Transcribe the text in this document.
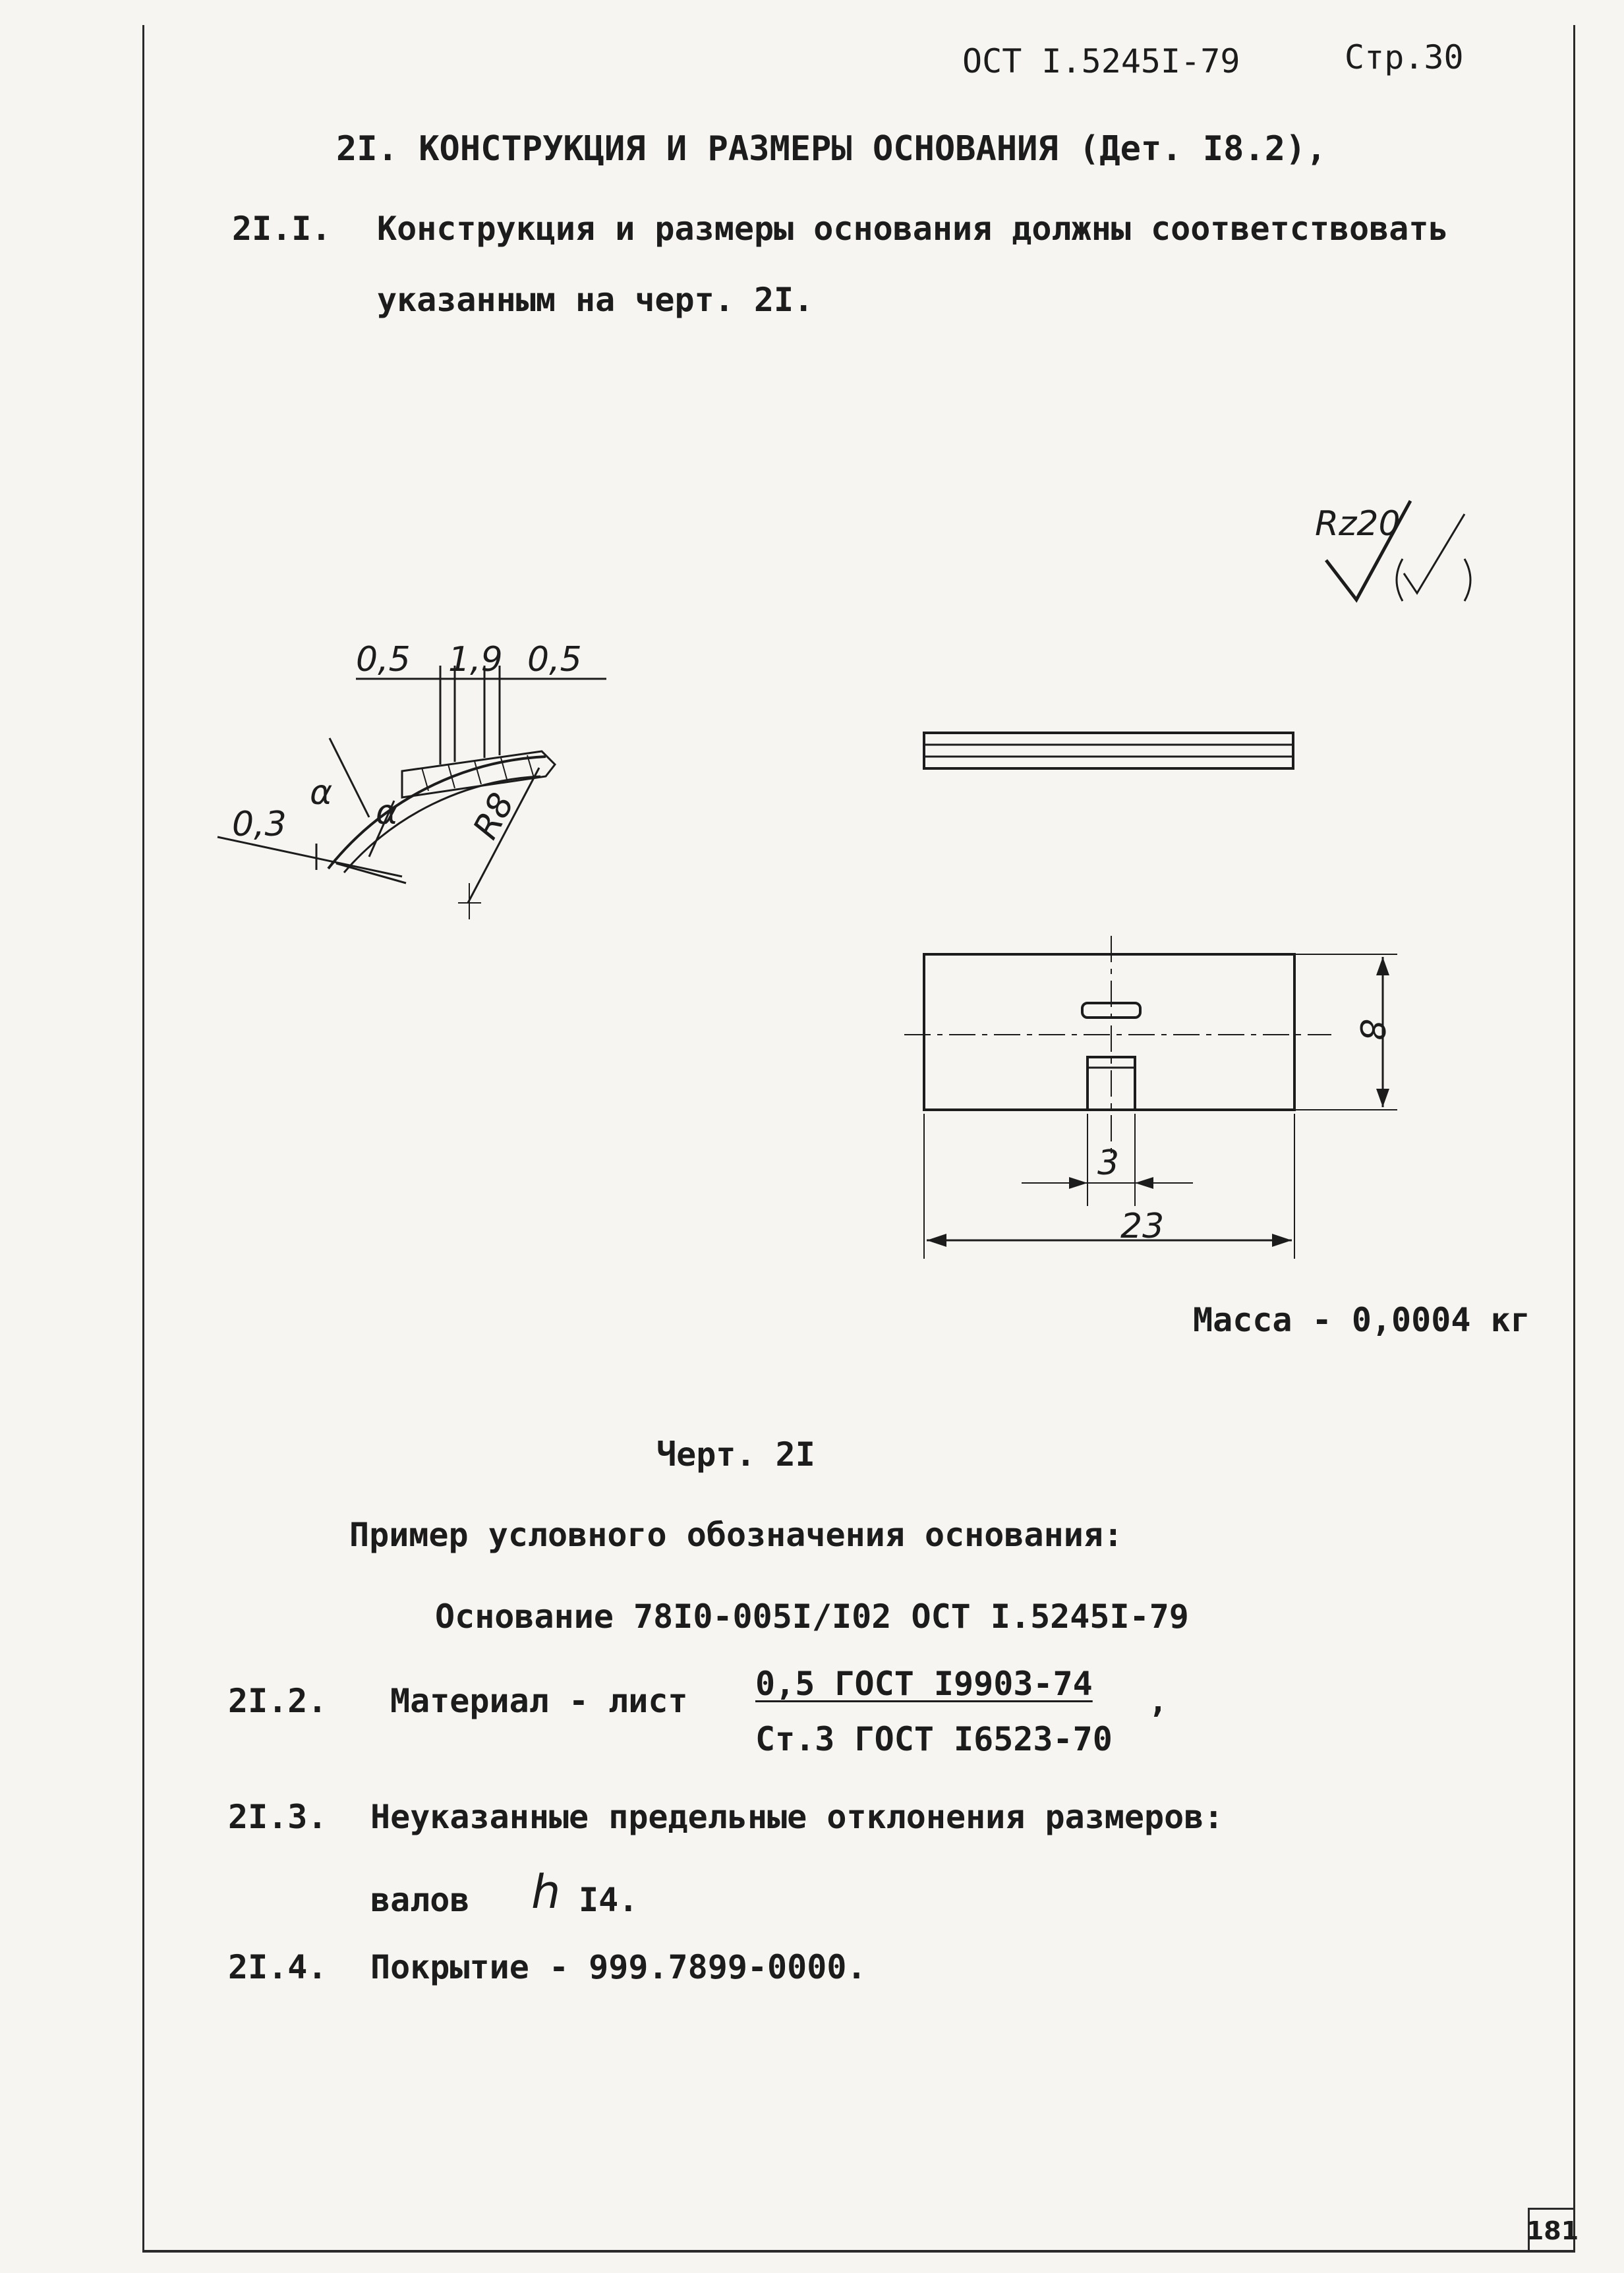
ОСТ I.5245I-79	Стр.30
2I. КОНСТРУКЦИЯ И РАЗМЕРЫ ОСНОВАНИЯ (Дет. I8.2),
2I.I. Конструкция и размеры основания должны соответствовать
указанным на черт. 2I.
0,5 1,9 0,5
0,3
α α R8
Rz20
3
23
8
Масса - 0,0004 кг
Черт. 2I
Пример условного обозначения основания:
Основание 78I0-005I/I02 ОСТ I.5245I-79
2I.2. Материал - лист 0,5 ГОСТ I9903-74 ,
Ст.3 ГОСТ I6523-70
2I.3. Неуказанные предельные отклонения размеров:
валов h I4.
2I.4. Покрытие - 999.7899-0000.
181
